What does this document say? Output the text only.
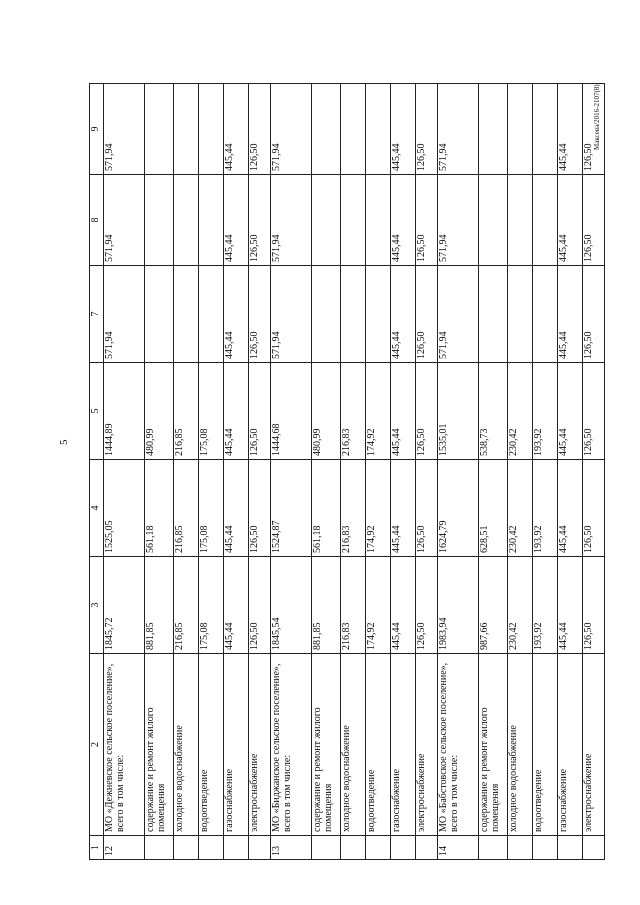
5
Максева/2016-2107(8)
1	2	3	4	5	7	8	9
12	МО «Дежневское сельское поселение», всего в том числе:	1845,72	1525,05	1444,89	571,94	571,94	571,94
	содержание и ремонт жилого помещения	881,85	561,18	480,99			
	холодное водоснабжение	216,85	216,85	216,85			
	водоотведение	175,08	175,08	175,08			
	газоснабжение	445,44	445,44	445,44	445,44	445,44	445,44
	электроснабжение	126,50	126,50	126,50	126,50	126,50	126,50
13	МО «Биджанское сельское поселение», всего в том числе:	1845,54	1524,87	1444,68	571,94	571,94	571,94
	содержание и ремонт жилого помещения	881,85	561,18	480,99			
	холодное водоснабжение	216,83	216,83	216,83			
	водоотведение	174,92	174,92	174,92			
	газоснабжение	445,44	445,44	445,44	445,44	445,44	445,44
	электроснабжение	126,50	126,50	126,50	126,50	126,50	126,50
14	МО «Бабстовское сельское поселение», всего в том числе:	1983,94	1624,79	1535,01	571,94	571,94	571,94
	содержание и ремонт жилого помещения	987,66	628,51	538,73			
	холодное водоснабжение	230,42	230,42	230,42			
	водоотведение	193,92	193,92	193,92			
	газоснабжение	445,44	445,44	445,44	445,44	445,44	445,44
	электроснабжение	126,50	126,50	126,50	126,50	126,50	126,50
